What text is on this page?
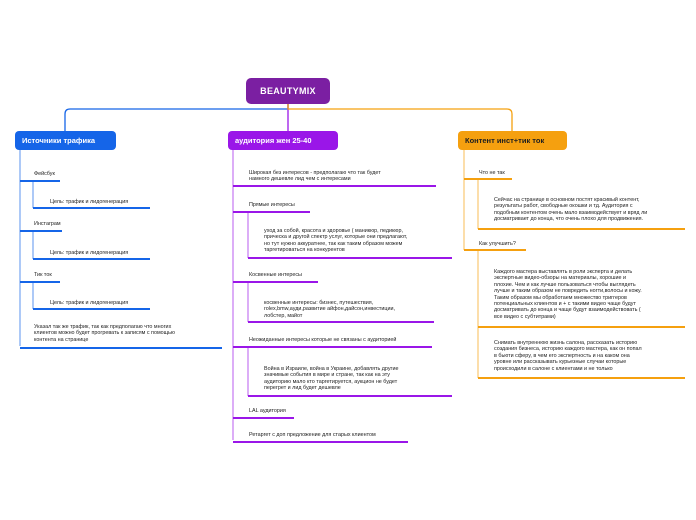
BEAUTYMIX
Источники трафика	аудитория жен 25-40	Контент инст+тик ток
Фейсбук
Цель: трафик и лидогенерация
Инстаграм
Цель: трафик и лидогенерация
Тик ток
Цель: трафик и лидогенерация
Указал так же трафик, так как предполагаю что многих
клиентов можно будет прогревать к записям с помощью
контента на странице
Широкая без интересов - предполагаю что так будет
намного дешевле лид чем с интересами
Прямые интересы
уход за собой, красота и здоровье ( маникюр, педикюр,
прическа и другой спектр услуг, которые они предлагают,
но тут нужно аккуратнее, так как таким образом можем
таргетироваться на конкурентов
Косвенные интересы
косвенные интересы: бизнес, путешествия,
rolex,bmw,ауди,развитие айфон,дайсон,инвестиции,
лобстер, майот
Неожиданные интересы которые не связаны с аудиторией
Война в Израиле, война в Украине, добавлять другие
значимые события в мире и стране, так как на эту
аудиторию мало кто таргетируется, аукцион не будет
перегрет и лид будет дешевле
LAL аудитория
Ретаргет с доп предложение для старых клиентом
Что не так
Сейчас на странице в основном постят красивый контент,
результаты работ, свободные окошки и тд. Аудитория с
подобным контентом очень мало взаимодействует и вряд ли
досматривает до конца, что очень плохо для продвижения.
Как улучшить?
Каждого мастера выставлять в роли эксперта и делать
экспертные видео-обзоры на материалы, хорошие и
плохие. Чем и как лучше пользоваться чтобы выглядеть
лучше и таким образом не повредить ногти,волосы и кожу.
Таким образом мы обработаем множество триггеров
потенциальных клиентов и + с такими видео чаще будут
досматривать до конца и чаще будут взаимодействовать (
все видео с субтитрами)
Снимать внутреннюю жизнь салона, рассказать историю
создания бизнеса, историю каждого мастера, как он попал
в бьюти сферу, в чем его экспертность и на каком она
уровне или рассказывать курьезные случаи которые
происходили в салоне с клиентами и не только
